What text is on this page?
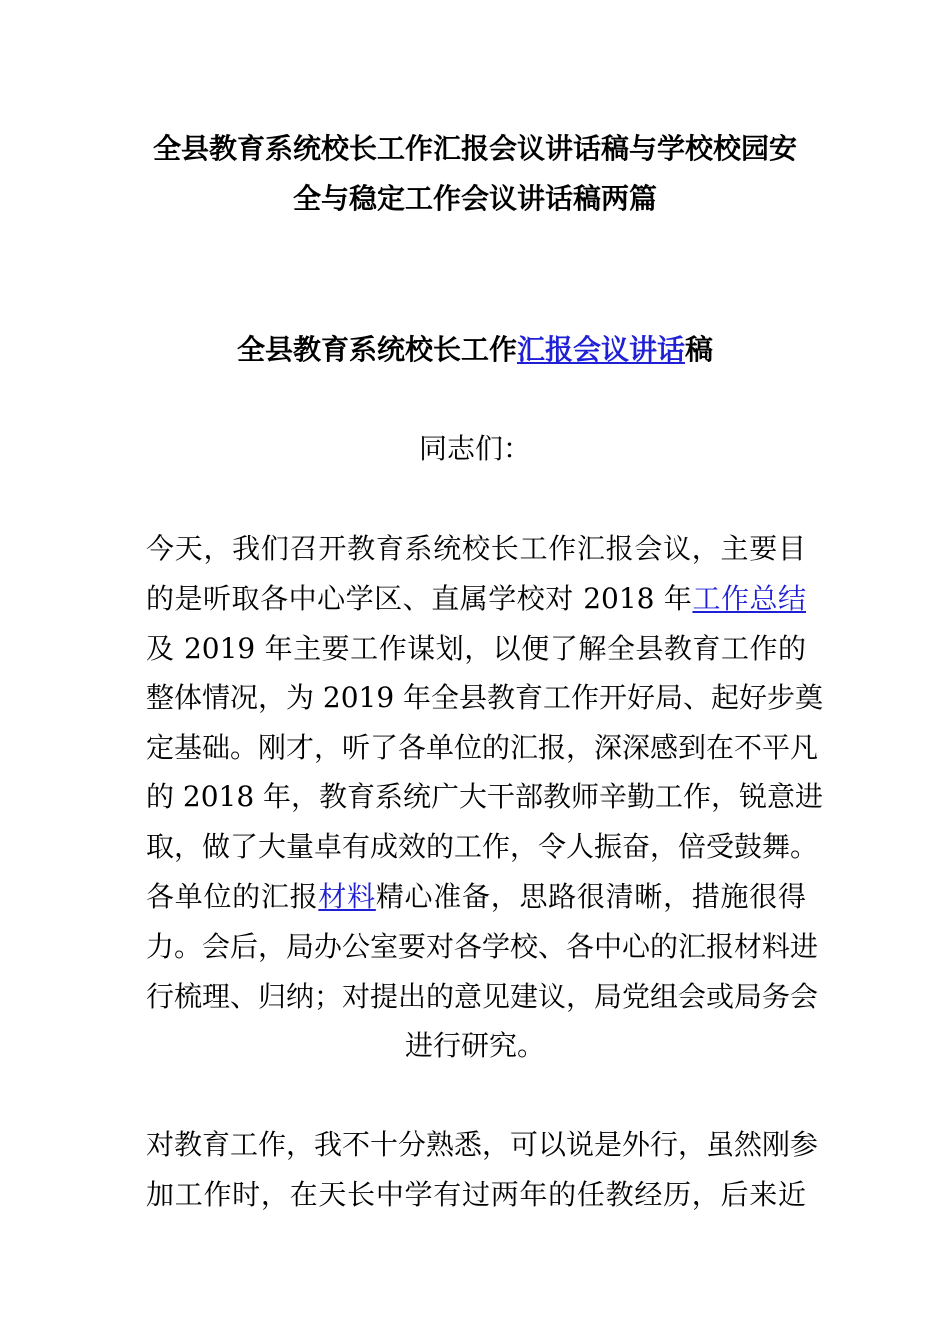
全县教育系统校长工作汇报会议讲话稿与学校校园安
全与稳定工作会议讲话稿两篇
全县教育系统校长工作汇报会议讲话稿
同志们：
今天，我们召开教育系统校长工作汇报会议，主要目
的是听取各中心学区、直属学校对 2018 年工作总结
及 2019 年主要工作谋划，以便了解全县教育工作的
整体情况，为 2019 年全县教育工作开好局、起好步奠
定基础。刚才，听了各单位的汇报，深深感到在不平凡
的 2018 年，教育系统广大干部教师辛勤工作，锐意进
取，做了大量卓有成效的工作，令人振奋，倍受鼓舞。
各单位的汇报材料精心准备，思路很清晰，措施很得
力。会后，局办公室要对各学校、各中心的汇报材料进
行梳理、归纳；对提出的意见建议，局党组会或局务会
进行研究。
对教育工作，我不十分熟悉，可以说是外行，虽然刚参
加工作时，在天长中学有过两年的任教经历，后来近
